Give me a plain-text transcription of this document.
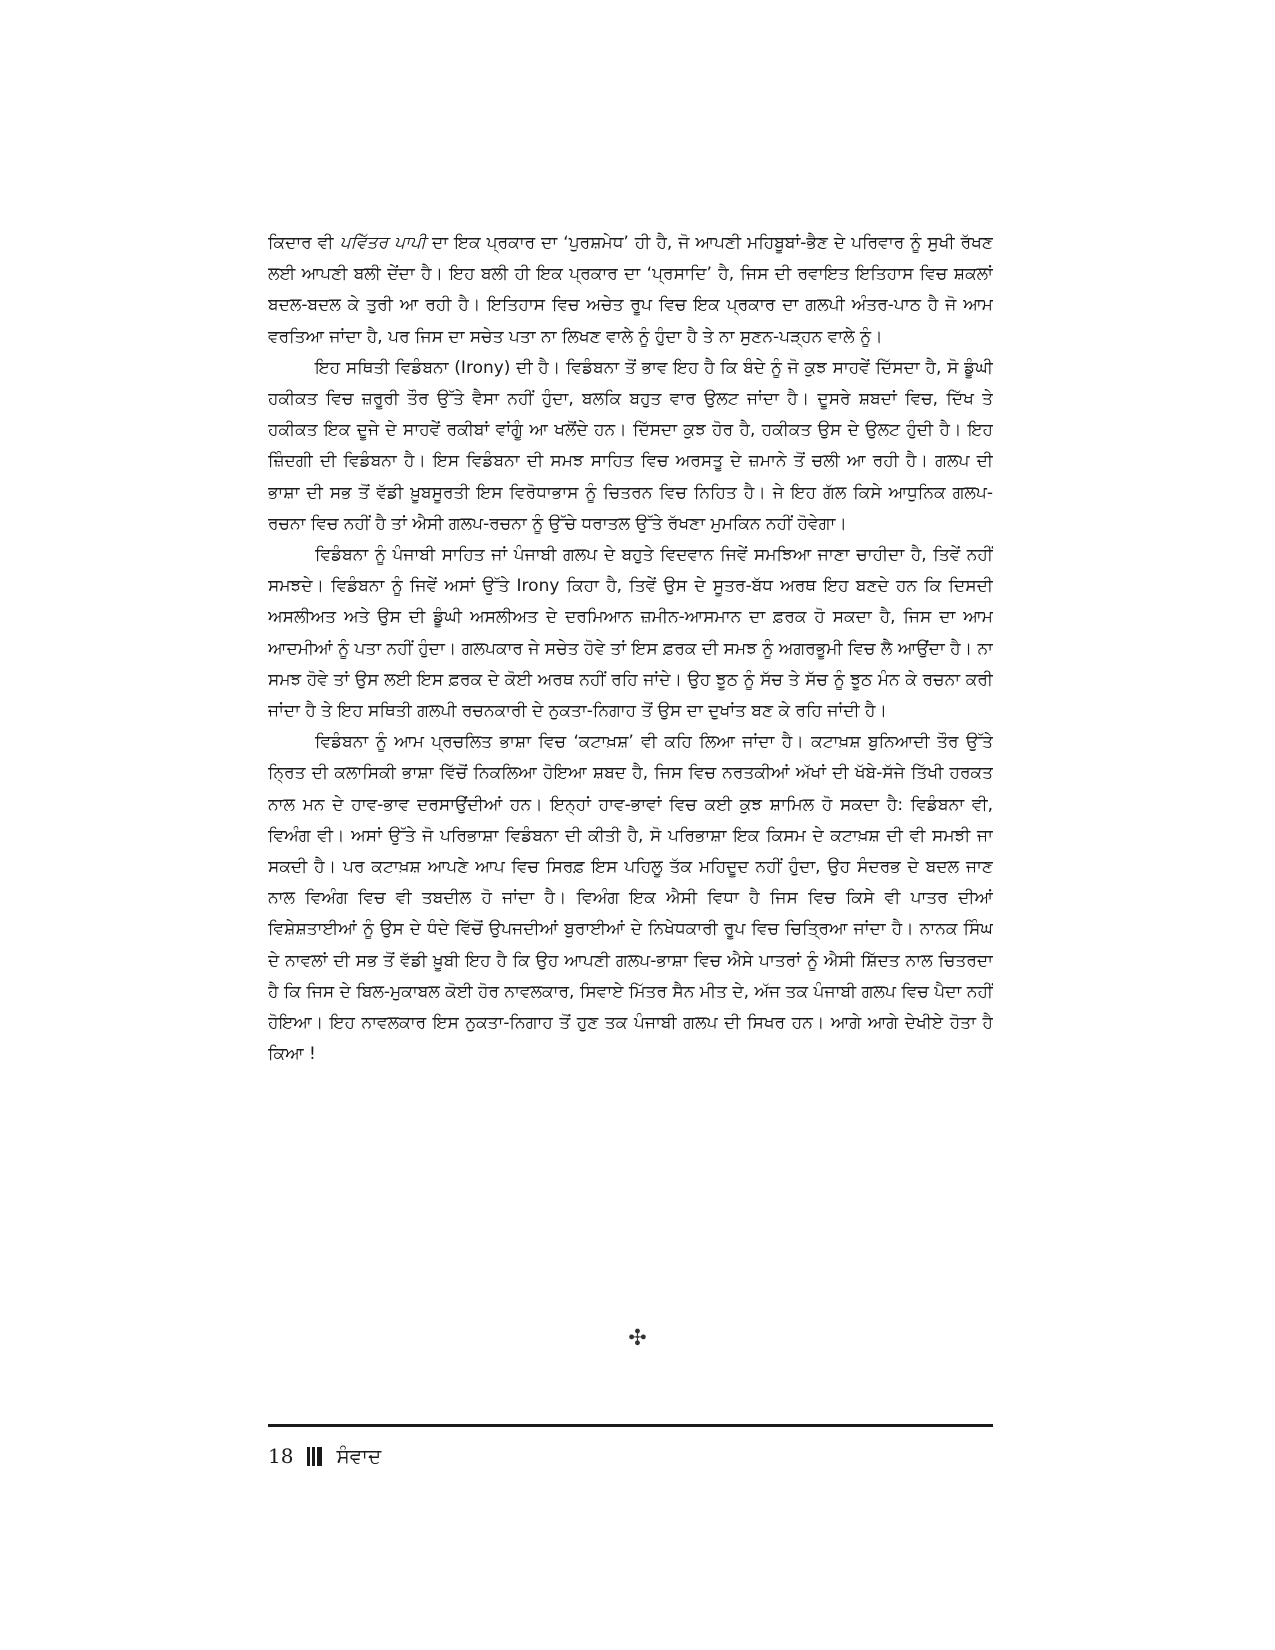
ਕਿਦਾਰ ਵੀ ਪਵਿੱਤਰ ਪਾਪੀ ਦਾ ਇਕ ਪ੍ਰਕਾਰ ਦਾ ‘ਪੁਰਸ਼ਮੇਧ’ ਹੀ ਹੈ, ਜੋ ਆਪਣੀ ਮਹਿਬੂਬਾਂ-ਭੈਣ ਦੇ ਪਰਿਵਾਰ ਨੂੰ ਸੁਖੀ ਰੱਖਣ ਲਈ ਆਪਣੀ ਬਲੀ ਦੇਂਦਾ ਹੈ। ਇਹ ਬਲੀ ਹੀ ਇਕ ਪ੍ਰਕਾਰ ਦਾ ‘ਪ੍ਰਸਾਦਿ’ ਹੈ, ਜਿਸ ਦੀ ਰਵਾਇਤ ਇਤਿਹਾਸ ਵਿਚ ਸ਼ਕਲਾਂ ਬਦਲ-ਬਦਲ ਕੇ ਤੁਰੀ ਆ ਰਹੀ ਹੈ। ਇਤਿਹਾਸ ਵਿਚ ਅਚੇਤ ਰੂਪ ਵਿਚ ਇਕ ਪ੍ਰਕਾਰ ਦਾ ਗਲਪੀ ਅੰਤਰ-ਪਾਠ ਹੈ ਜੋ ਆਮ ਵਰਤਿਆ ਜਾਂਦਾ ਹੈ, ਪਰ ਜਿਸ ਦਾ ਸਚੇਤ ਪਤਾ ਨਾ ਲਿਖਣ ਵਾਲੇ ਨੂੰ ਹੁੰਦਾ ਹੈ ਤੇ ਨਾ ਸੁਣਨ-ਪੜ੍ਹਨ ਵਾਲੇ ਨੂੰ।

ਇਹ ਸਥਿਤੀ ਵਿਡੰਬਨਾ (Irony) ਦੀ ਹੈ। ਵਿਡੰਬਨਾ ਤੋਂ ਭਾਵ ਇਹ ਹੈ ਕਿ ਬੰਦੇ ਨੂੰ ਜੋ ਕੁਝ ਸਾਹਵੇਂ ਦਿੱਸਦਾ ਹੈ, ਸੋ ਡੂੰਘੀ ਹਕੀਕਤ ਵਿਚ ਜ਼ਰੂਰੀ ਤੌਰ ਉੱਤੇ ਵੈਸਾ ਨਹੀਂ ਹੁੰਦਾ, ਬਲਕਿ ਬਹੁਤ ਵਾਰ ਉਲਟ ਜਾਂਦਾ ਹੈ। ਦੂਸਰੇ ਸ਼ਬਦਾਂ ਵਿਚ, ਦਿੱਖ ਤੇ ਹਕੀਕਤ ਇਕ ਦੂਜੇ ਦੇ ਸਾਹਵੇਂ ਰਕੀਬਾਂ ਵਾਂਗੂੰ ਆ ਖਲੋਂਦੇ ਹਨ। ਦਿੱਸਦਾ ਕੁਝ ਹੋਰ ਹੈ, ਹਕੀਕਤ ਉਸ ਦੇ ਉਲਟ ਹੁੰਦੀ ਹੈ। ਇਹ ਜ਼ਿੰਦਗੀ ਦੀ ਵਿਡੰਬਨਾ ਹੈ। ਇਸ ਵਿਡੰਬਨਾ ਦੀ ਸਮਝ ਸਾਹਿਤ ਵਿਚ ਅਰਸਤੂ ਦੇ ਜ਼ਮਾਨੇ ਤੋਂ ਚਲੀ ਆ ਰਹੀ ਹੈ। ਗਲਪ ਦੀ ਭਾਸ਼ਾ ਦੀ ਸਭ ਤੋਂ ਵੱਡੀ ਖ਼ੂਬਸੂਰਤੀ ਇਸ ਵਿਰੋਧਾਭਾਸ ਨੂੰ ਚਿਤਰਨ ਵਿਚ ਨਿਹਿਤ ਹੈ। ਜੇ ਇਹ ਗੱਲ ਕਿਸੇ ਆਧੁਨਿਕ ਗਲਪ-ਰਚਨਾ ਵਿਚ ਨਹੀਂ ਹੈ ਤਾਂ ਐਸੀ ਗਲਪ-ਰਚਨਾ ਨੂੰ ਉੱਚੇ ਧਰਾਤਲ ਉੱਤੇ ਰੱਖਣਾ ਮੁਮਕਿਨ ਨਹੀਂ ਹੋਵੇਗਾ।

ਵਿਡੰਬਨਾ ਨੂੰ ਪੰਜਾਬੀ ਸਾਹਿਤ ਜਾਂ ਪੰਜਾਬੀ ਗਲਪ ਦੇ ਬਹੁਤੇ ਵਿਦਵਾਨ ਜਿਵੇਂ ਸਮਝਿਆ ਜਾਣਾ ਚਾਹੀਦਾ ਹੈ, ਤਿਵੇਂ ਨਹੀਂ ਸਮਝਦੇ। ਵਿਡੰਬਨਾ ਨੂੰ ਜਿਵੇਂ ਅਸਾਂ ਉੱਤੇ Irony ਕਿਹਾ ਹੈ, ਤਿਵੇਂ ਉਸ ਦੇ ਸੂਤਰ-ਬੱਧ ਅਰਥ ਇਹ ਬਣਦੇ ਹਨ ਕਿ ਦਿਸਦੀ ਅਸਲੀਅਤ ਅਤੇ ਉਸ ਦੀ ਡੂੰਘੀ ਅਸਲੀਅਤ ਦੇ ਦਰਮਿਆਨ ਜ਼ਮੀਨ-ਆਸਮਾਨ ਦਾ ਫ਼ਰਕ ਹੋ ਸਕਦਾ ਹੈ, ਜਿਸ ਦਾ ਆਮ ਆਦਮੀਆਂ ਨੂੰ ਪਤਾ ਨਹੀਂ ਹੁੰਦਾ। ਗਲਪਕਾਰ ਜੇ ਸਚੇਤ ਹੋਵੇ ਤਾਂ ਇਸ ਫ਼ਰਕ ਦੀ ਸਮਝ ਨੂੰ ਅਗਰਭੂਮੀ ਵਿਚ ਲੈ ਆਉਂਦਾ ਹੈ। ਨਾ ਸਮਝ ਹੋਵੇ ਤਾਂ ਉਸ ਲਈ ਇਸ ਫ਼ਰਕ ਦੇ ਕੋਈ ਅਰਥ ਨਹੀਂ ਰਹਿ ਜਾਂਦੇ। ਉਹ ਝੂਠ ਨੂੰ ਸੱਚ ਤੇ ਸੱਚ ਨੂੰ ਝੂਠ ਮੰਨ ਕੇ ਰਚਨਾ ਕਰੀ ਜਾਂਦਾ ਹੈ ਤੇ ਇਹ ਸਥਿਤੀ ਗਲਪੀ ਰਚਨਕਾਰੀ ਦੇ ਨੁਕਤਾ-ਨਿਗਾਹ ਤੋਂ ਉਸ ਦਾ ਦੁਖਾਂਤ ਬਣ ਕੇ ਰਹਿ ਜਾਂਦੀ ਹੈ।

ਵਿਡੰਬਨਾ ਨੂੰ ਆਮ ਪ੍ਰਚਲਿਤ ਭਾਸ਼ਾ ਵਿਚ ‘ਕਟਾਖ਼ਸ਼’ ਵੀ ਕਹਿ ਲਿਆ ਜਾਂਦਾ ਹੈ। ਕਟਾਖ਼ਸ਼ ਬੁਨਿਆਦੀ ਤੌਰ ਉੱਤੇ ਨ੍ਰਿਤ ਦੀ ਕਲਾਸਿਕੀ ਭਾਸ਼ਾ ਵਿੱਚੋਂ ਨਿਕਲਿਆ ਹੋਇਆ ਸ਼ਬਦ ਹੈ, ਜਿਸ ਵਿਚ ਨਰਤਕੀਆਂ ਅੱਖਾਂ ਦੀ ਖੱਬੇ-ਸੱਜੇ ਤਿੱਖੀ ਹਰਕਤ ਨਾਲ ਮਨ ਦੇ ਹਾਵ-ਭਾਵ ਦਰਸਾਉਂਦੀਆਂ ਹਨ। ਇਨ੍ਹਾਂ ਹਾਵ-ਭਾਵਾਂ ਵਿਚ ਕਈ ਕੁਝ ਸ਼ਾਮਿਲ ਹੋ ਸਕਦਾ ਹੈ: ਵਿਡੰਬਨਾ ਵੀ, ਵਿਅੰਗ ਵੀ। ਅਸਾਂ ਉੱਤੇ ਜੋ ਪਰਿਭਾਸ਼ਾ ਵਿਡੰਬਨਾ ਦੀ ਕੀਤੀ ਹੈ, ਸੋ ਪਰਿਭਾਸ਼ਾ ਇਕ ਕਿਸਮ ਦੇ ਕਟਾਖ਼ਸ਼ ਦੀ ਵੀ ਸਮਝੀ ਜਾ ਸਕਦੀ ਹੈ। ਪਰ ਕਟਾਖ਼ਸ਼ ਆਪਣੇ ਆਪ ਵਿਚ ਸਿਰਫ਼ ਇਸ ਪਹਿਲੂ ਤੱਕ ਮਹਿਦੂਦ ਨਹੀਂ ਹੁੰਦਾ, ਉਹ ਸੰਦਰਭ ਦੇ ਬਦਲ ਜਾਣ ਨਾਲ ਵਿਅੰਗ ਵਿਚ ਵੀ ਤਬਦੀਲ ਹੋ ਜਾਂਦਾ ਹੈ। ਵਿਅੰਗ ਇਕ ਐਸੀ ਵਿਧਾ ਹੈ ਜਿਸ ਵਿਚ ਕਿਸੇ ਵੀ ਪਾਤਰ ਦੀਆਂ ਵਿਸ਼ੇਸ਼ਤਾਈਆਂ ਨੂੰ ਉਸ ਦੇ ਧੰਦੇ ਵਿੱਚੋਂ ਉਪਜਦੀਆਂ ਬੁਰਾਈਆਂ ਦੇ ਨਿਖੇਧਕਾਰੀ ਰੂਪ ਵਿਚ ਚਿਤ੍ਰਿਆ ਜਾਂਦਾ ਹੈ। ਨਾਨਕ ਸਿੰਘ ਦੇ ਨਾਵਲਾਂ ਦੀ ਸਭ ਤੋਂ ਵੱਡੀ ਖ਼ੂਬੀ ਇਹ ਹੈ ਕਿ ਉਹ ਆਪਣੀ ਗਲਪ-ਭਾਸ਼ਾ ਵਿਚ ਐਸੇ ਪਾਤਰਾਂ ਨੂੰ ਐਸੀ ਸ਼ਿੱਦਤ ਨਾਲ ਚਿਤਰਦਾ ਹੈ ਕਿ ਜਿਸ ਦੇ ਬਿਲ-ਮੁਕਾਬਲ ਕੋਈ ਹੋਰ ਨਾਵਲਕਾਰ, ਸਿਵਾਏ ਮਿੱਤਰ ਸੈਨ ਮੀਤ ਦੇ, ਅੱਜ ਤਕ ਪੰਜਾਬੀ ਗਲਪ ਵਿਚ ਪੈਦਾ ਨਹੀਂ ਹੋਇਆ। ਇਹ ਨਾਵਲਕਾਰ ਇਸ ਨੁਕਤਾ-ਨਿਗਾਹ ਤੋਂ ਹੁਣ ਤਕ ਪੰਜਾਬੀ ਗਲਪ ਦੀ ਸਿਖਰ ਹਨ। ਆਗੇ ਆਗੇ ਦੇਖੀਏ ਹੋਤਾ ਹੈ ਕਿਆ !

✣
18 ਸੰਵਾਦ
